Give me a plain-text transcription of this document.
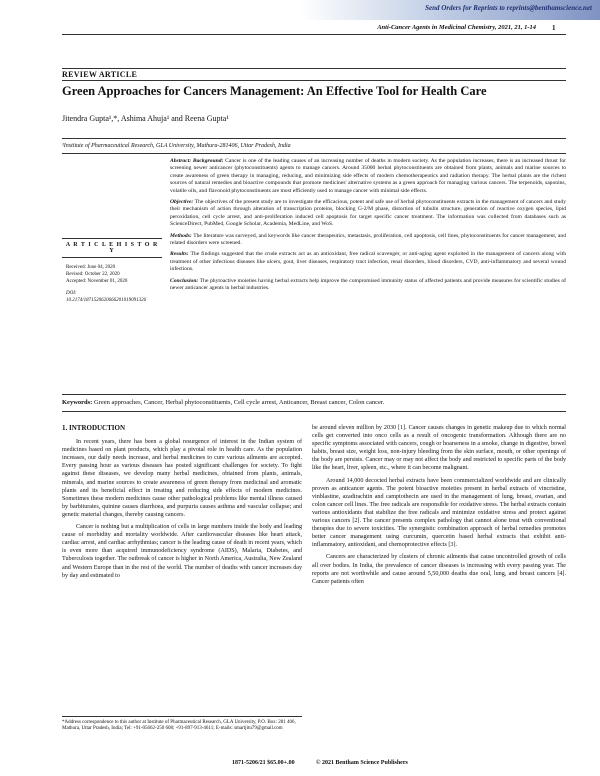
Send Orders for Reprints to reprints@benthamscience.net
Anti-Cancer Agents in Medicinal Chemistry, 2021, 21, 1-14 1
REVIEW ARTICLE
Green Approaches for Cancers Management: An Effective Tool for Health Care
Jitendra Gupta¹,*, Ashima Ahuja¹ and Reena Gupta¹
¹Institute of Pharmaceutical Research, GLA University, Mathura-281406, Uttar Pradesh, India

Abstract: Background: Cancer is one of the leading causes of an increasing number of deaths in modern society. As the population increases, there is an increased thrust for screening newer anticancer (phytoconstituents) agents to manage cancers. Around 35000 herbal phytoconstituents are obtained from plants, animals and marine sources to create awareness of green therapy in managing, reducing, and minimizing side effects of modern chemotherapeutics and radiation therapy. The herbal plants are the richest sources of natural remedies and bioactive compounds that promote medicines' alternative systems as a green approach for managing various cancers. The terpenoids, saponins, volatile oils, and flavonoid phytoconstituents are most efficiently used to manage cancer with minimal side effects.

Objective: The objectives of the present study are to investigate the efficacious, potent and safe use of herbal phytoconstituents extracts in the management of cancers and study their mechanism of action through alteration of transcription proteins, blocking G-2/M phase, distortion of tubulin structure, generation of reactive oxygen species, lipid peroxidation, cell cycle arrest, and anti-proliferation induced cell apoptosis for target specific cancer treatment. The information was collected from databases such as ScienceDirect, PubMed, Google Scholar, Academia, MedLine, and WoS.

Methods: The literature was surveyed, and keywords like cancer therapeutics, metastasis, proliferation, cell apoptosis, cell lines, phytoconstituents for cancer management, and related disorders were screened.

Results: The findings suggested that the crude extracts act as an antioxidant, free radical scavenger, or anti-aging agent exploited in the management of cancers along with treatment of other infectious diseases like ulcers, gout, liver diseases, respiratory tract infection, renal disorders, blood disorders, CVD, anti-inflammatory and several wound infections.

Conclusion: The phytoactive moieties having herbal extracts help improve the compromised immunity status of affected patients and provide measures for scientific studies of newer anticancer agents in herbal industries.

A R T I C L E H I S T O R Y
Received: June 04, 2020
Revised: October 22, 2020
Accepted: November 01, 2020
DOI:
10.2174/1871520620666201019091326
Keywords: Green approaches, Cancer, Herbal phytoconstituents, Cell cycle arrest, Anticancer, Breast cancer, Colon cancer.
1. INTRODUCTION

In recent years, there has been a global resurgence of interest in the Indian system of medicines based on plant products, which play a pivotal role in health care. As the population increases, our daily needs increase, and herbal medicines to cure various ailments are accepted. Every passing hour as various diseases has posted significant challenges for society. To fight against these diseases, we develop many herbal medicines, obtained from plants, animals, minerals, and marine sources to create awareness of green therapy from medicinal and aromatic plants and its beneficial effect in treating and reducing side effects of modern medicines. Sometimes these modern medicines cause other pathological problems like mental illness caused by barbiturates, quinine causes diarrhoea, and purpuria causes asthma and vascular collapse; and genetic material changes, thereby causing cancers.

Cancer is nothing but a multiplication of cells in large numbers inside the body and leading cause of morbidity and mortality worldwide. After cardiovascular diseases like heart attack, cardiac arrest, and cardiac arrhythmias; cancer is the leading cause of death in recent years, which is even more than acquired immunodeficiency syndrome (AIDS), Malaria, Diabetes, and Tuberculosis together. The outbreak of cancer is higher in North America, Australia, New Zealand and Western Europe than in the rest of the world. The number of deaths with cancer increases day by day and estimated to

be around eleven million by 2030 [1]. Cancer causes changes in genetic makeup due to which normal cells get converted into onco cells as a result of oncogenic transformation. Although there are no specific symptoms associated with cancers, cough or hoarseness in a smoke, change in digestive, bowel habits, breast size, weight loss, non-injury bleeding from the skin surface, mouth, or other openings of the body are persists. Cancer may or may not affect the body and restricted to specific parts of the body like the heart, liver, spleen, etc., where it can become malignant.

Around 14,000 decocted herbal extracts have been commercialized worldwide and are clinically proven as anticancer agents. The potent bioactive moieties present in herbal extracts of vincristine, vinblastine, azadirachtin and camptothecin are used in the management of lung, breast, ovarian, and colon cancer cell lines. The free radicals are responsible for oxidative stress. The herbal extracts contain various antioxidants that stabilize the free radicals and minimize oxidative stress and protect against various cancers [2]. The cancer presents complex pathology that cannot alone treat with conventional therapies due to severe toxicities. The synergistic combination approach of herbal remedies promotes better cancer management using curcumin, quercetin based herbal extracts that exhibit anti-inflammatory, antioxidant, and chemoprotective effects [3].

Cancers are characterized by clusters of chronic ailments that cause uncontrolled growth of cells all over bodies. In India, the prevalence of cancer diseases is increasing with every passing year. The reports are not worthwhile and cause around 5,50,000 deaths due oral, lung, and breast cancers [4]. Cancer patients often

*Address correspondence to this author at Institute of Pharmaceutical Research, GLA University, P.O. Box: 281 406, Mathura, Uttar Pradesh, India; Tel: +91-05662-250 608; +91-897-913-4611; E-mails: smartjitu79@gmail.com
1871-5206/21 $65.00+.00	© 2021 Bentham Science Publishers
